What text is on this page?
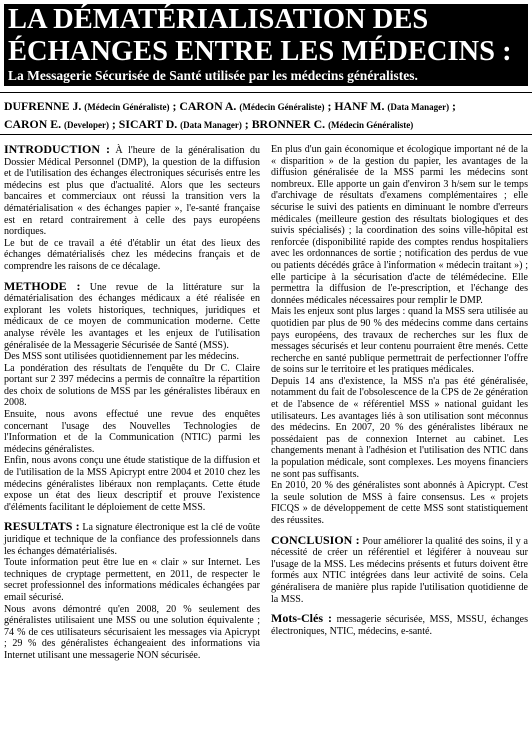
LA DÉMATÉRIALISATION DES
ÉCHANGES ENTRE LES MÉDECINS :
La Messagerie Sécurisée de Santé utilisée par les médecins généralistes.
DUFRENNE J. (Médecin Généraliste) ; CARON A. (Médecin Généraliste) ; HANF M. (Data Manager) ;
CARON E. (Developer) ; SICART D. (Data Manager) ; BRONNER C. (Médecin Généraliste)

INTRODUCTION : À l'heure de la généralisation du Dossier Médical Personnel (DMP), la question de la diffusion et de l'utilisation des échanges électroniques sécurisés entre les médecins est plus que d'actualité. Alors que les secteurs bancaires et commerciaux ont réussi la transition vers la dématérialisation « des échanges papier », l'e-santé française est en retard contrairement à celle des pays européens nordiques.

Le but de ce travail a été d'établir un état des lieux des échanges dématérialisés chez les médecins français et de comprendre les raisons de ce décalage.

METHODE : Une revue de la littérature sur la dématérialisation des échanges médicaux a été réalisée en explorant les volets historiques, techniques, juridiques et médicaux de ce moyen de communication moderne. Cette analyse révèle les avantages et les enjeux de l'utilisation généralisée de la Messagerie Sécurisée de Santé (MSS).

Des MSS sont utilisées quotidiennement par les médecins.

La pondération des résultats de l'enquête du Dr C. Claire portant sur 2 397 médecins a permis de connaître la répartition des choix de solutions de MSS par les généralistes libéraux en 2008.

Ensuite, nous avons effectué une revue des enquêtes concernant l'usage des Nouvelles Technologies de l'Information et de la Communication (NTIC) parmi les médecins généralistes.

Enfin, nous avons conçu une étude statistique de la diffusion et de l'utilisation de la MSS Apicrypt entre 2004 et 2010 chez les médecins généralistes libéraux non remplaçants. Cette étude expose un état des lieux descriptif et prouve l'existence d'éléments facilitant le déploiement de cette MSS.

RESULTATS : La signature électronique est la clé de voûte juridique et technique de la confiance des professionnels dans les échanges dématérialisés.

Toute information peut être lue en « clair » sur Internet. Les techniques de cryptage permettent, en 2011, de respecter le secret professionnel des informations médicales échangées par email sécurisé.

Nous avons démontré qu'en 2008, 20 % seulement des généralistes utilisaient une MSS ou une solution équivalente ; 74 % de ces utilisateurs sécurisaient les messages via Apicrypt ; 29 % des généralistes échangeaient des informations via Internet utilisant une messagerie NON sécurisée.

En plus d'un gain économique et écologique important né de la « disparition » de la gestion du papier, les avantages de la diffusion généralisée de la MSS parmi les médecins sont nombreux. Elle apporte un gain d'environ 3 h/sem sur le temps d'archivage de résultats d'examens complémentaires ; elle sécurise le suivi des patients en diminuant le nombre d'erreurs médicales (meilleure gestion des résultats biologiques et des suivis spécialisés) ; la coordination des soins ville-hôpital est renforcée (disponibilité rapide des comptes rendus hospitaliers avec les ordonnances de sortie ; notification des perdus de vue ou patients décédés grâce à l'information « médecin traitant ») ; elle participe à la sécurisation d'acte de télémédecine. Elle permettra la diffusion de l'e-prescription, et l'échange des données médicales nécessaires pour remplir le DMP.

Mais les enjeux sont plus larges : quand la MSS sera utilisée au quotidien par plus de 90 % des médecins comme dans certains pays européens, des travaux de recherches sur les flux de messages sécurisés et leur contenu pourraient être menés. Cette recherche en santé publique permettrait de perfectionner l'offre de soins sur le territoire et les pratiques médicales.

Depuis 14 ans d'existence, la MSS n'a pas été généralisée, notamment du fait de l'obsolescence de la CPS de 2e génération et de l'absence de « référentiel MSS » national guidant les utilisateurs. Les avantages liés à son utilisation sont méconnus des médecins. En 2007, 20 % des généralistes libéraux ne possédaient pas de connexion Internet au cabinet. Les changements menant à l'adhésion et l'utilisation des NTIC dans la population médicale, sont complexes. Les moyens financiers ne sont pas suffisants.

En 2010, 20 % des généralistes sont abonnés à Apicrypt. C'est la seule solution de MSS à faire consensus. Les « projets FICQS » de développement de cette MSS sont statistiquement des réussites.

CONCLUSION : Pour améliorer la qualité des soins, il y a nécessité de créer un référentiel et légiférer à nouveau sur l'usage de la MSS. Les médecins présents et futurs doivent être formés aux NTIC intégrées dans leur activité de soins. Cela généralisera de manière plus rapide l'utilisation quotidienne de la MSS.

Mots-Clés : messagerie sécurisée, MSS, MSSU, échanges électroniques, NTIC, médecins, e-santé.
